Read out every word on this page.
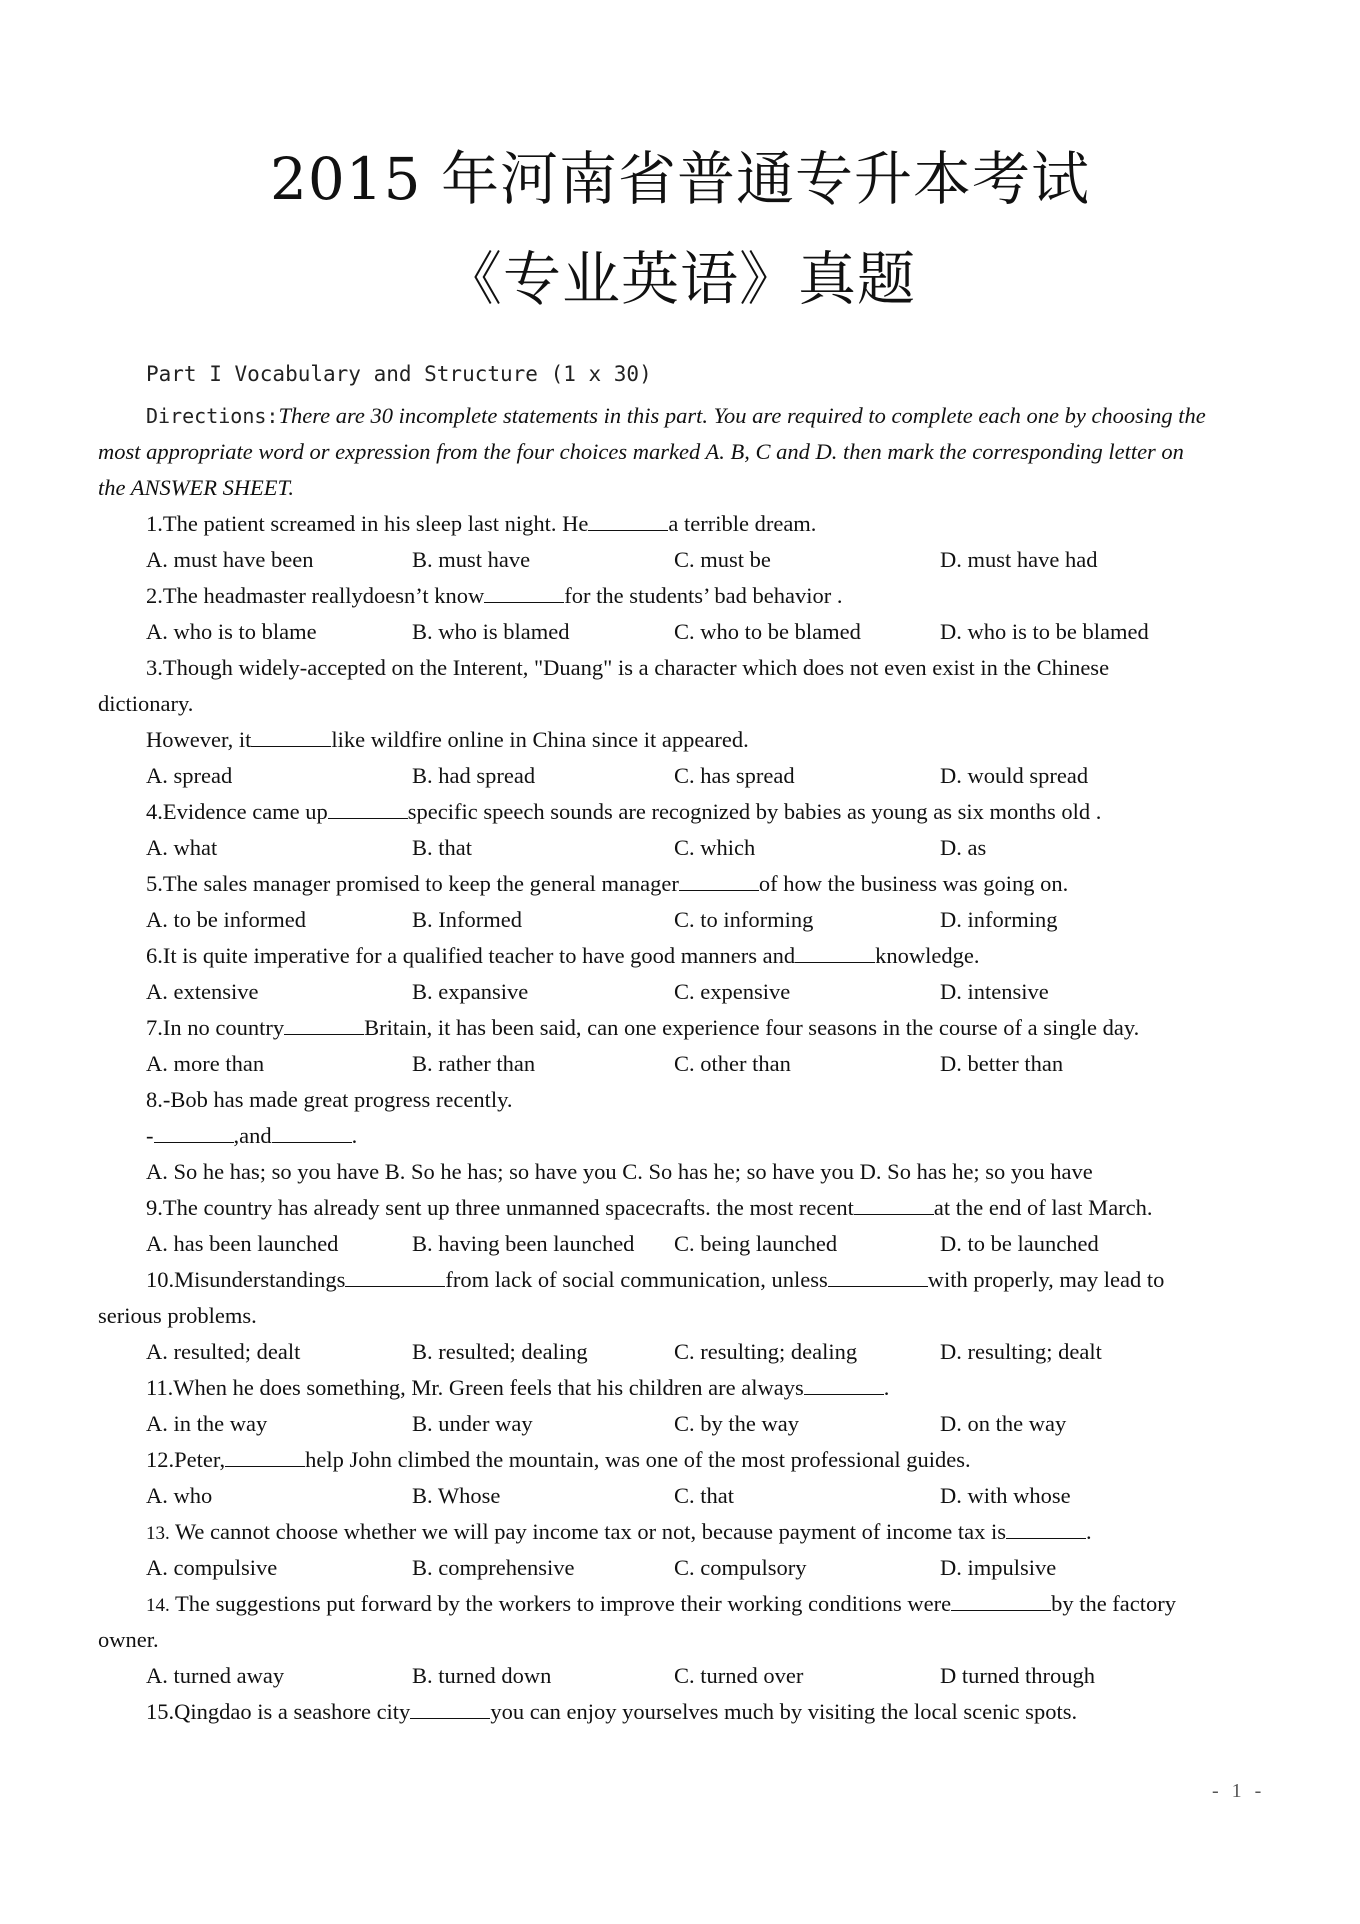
2015 年河南省普通专升本考试
《专业英语》真题
Part I Vocabulary and Structure (1 x 30)
Directions:There are 30 incomplete statements in this part. You are required to complete each one by choosing the
most appropriate word or expression from the four choices marked A. B, C and D. then mark the corresponding letter on
the ANSWER SHEET.
1.The patient screamed in his sleep last night. He	a terrible dream.
A. must have been	B. must have	C. must be	D. must have had
2.The headmaster reallydoesn’t know	for the students’ bad behavior .
A. who is to blame	B. who is blamed	C. who to be blamed	D. who is to be blamed
3.Though widely-accepted on the Interent, "Duang" is a character which does not even exist in the Chinese
dictionary.
However, it	like wildfire online in China since it appeared.
A. spread	B. had spread	C. has spread	D. would spread
4.Evidence came up	specific speech sounds are recognized by babies as young as six months old .
A. what	B. that	C. which	D. as
5.The sales manager promised to keep the general manager	of how the business was going on.
A. to be informed	B. Informed	C. to informing	D. informing
6.It is quite imperative for a qualified teacher to have good manners and	knowledge.
A. extensive	B. expansive	C. expensive	D. intensive
7.In no country	Britain, it has been said, can one experience four seasons in the course of a single day.
A. more than	B. rather than	C. other than	D. better than
8.-Bob has made great progress recently.
-	,and	.
A. So he has; so you have B. So he has; so have you C. So has he; so have you D. So has he; so you have
9.The country has already sent up three unmanned spacecrafts. the most recent	at the end of last March.
A. has been launched	B. having been launched C. being launched	D. to be launched
10.Misunderstandings	from lack of social communication, unless	with properly, may lead to
serious problems.
A. resulted; dealt	B. resulted; dealing	C. resulting; dealing	D. resulting; dealt
11.When he does something, Mr. Green feels that his children are always	.
A. in the way	B. under way	C. by the way	D. on the way
12.Peter,	help John climbed the mountain, was one of the most professional guides.
A. who	B. Whose	C. that	D. with whose
13. We cannot choose whether we will pay income tax or not, because payment of income tax is	.
A. compulsive	B. comprehensive	C. compulsory	D. impulsive
14. The suggestions put forward by the workers to improve their working conditions were	by the factory
owner.
A. turned away	B. turned down	C. turned over	D turned through
15.Qingdao is a seashore city	you can enjoy yourselves much by visiting the local scenic spots.
- 1 -
